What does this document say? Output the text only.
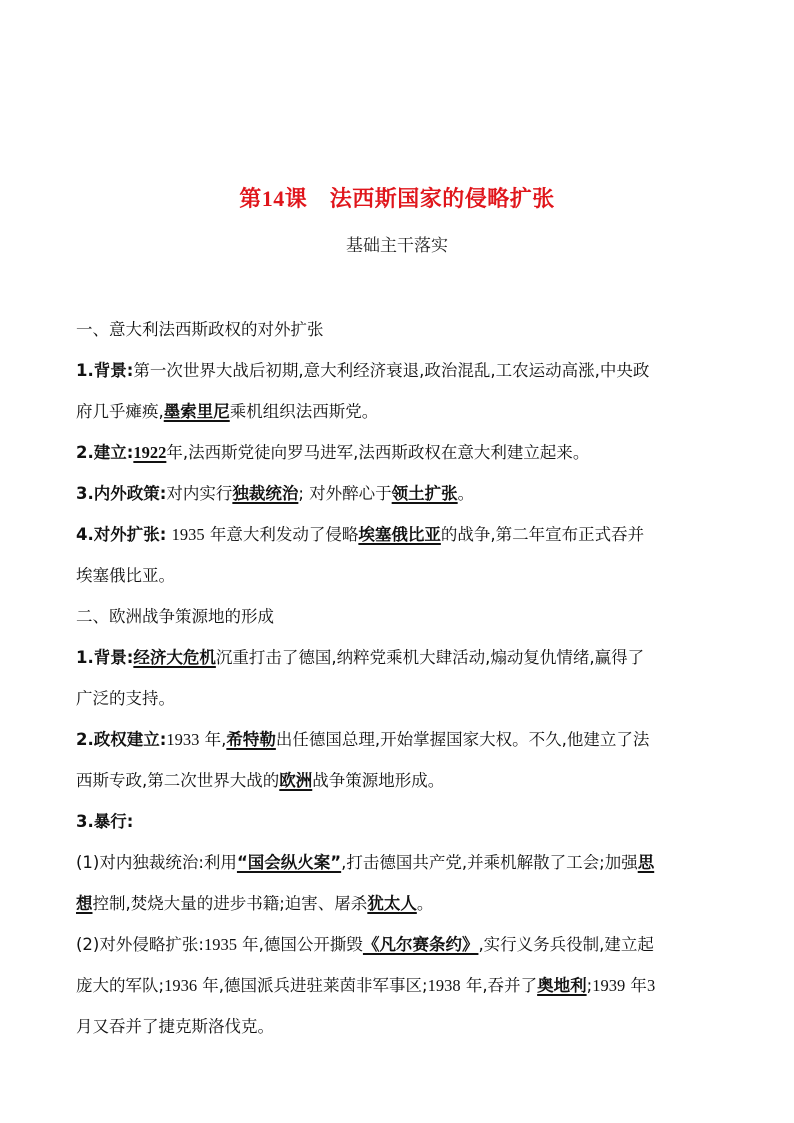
第14课　 法西斯国家的侵略扩张
基础主干落实
一、意大利法西斯政权的对外扩张
1.背景:第一次世界大战后初期,意大利经济衰退,政治混乱,工农运动高涨,中央政
府几乎瘫痪,墨索里尼乘机组织法西斯党。
2.建立:1922年,法西斯党徒向罗马进军,法西斯政权在意大利建立起来。
3.内外政策:对内实行独裁统治; 对外醉心于领土扩张。
4.对外扩张: 1935 年意大利发动了侵略埃塞俄比亚的战争,第二年宣布正式吞并
埃塞俄比亚。
二、欧洲战争策源地的形成
1.背景:经济大危机沉重打击了德国,纳粹党乘机大肆活动,煽动复仇情绪,赢得了
广泛的支持。
2.政权建立:1933 年,希特勒出任德国总理,开始掌握国家大权。不久,他建立了法
西斯专政,第二次世界大战的欧洲战争策源地形成。
3.暴行:
(1)对内独裁统治:利用“国会纵火案”,打击德国共产党,并乘机解散了工会;加强思
想控制,焚烧大量的进步书籍;迫害、屠杀犹太人。
(2)对外侵略扩张:1935 年,德国公开撕毁《凡尔赛条约》,实行义务兵役制,建立起
庞大的军队;1936 年,德国派兵进驻莱茵非军事区;1938 年,吞并了奥地利;1939 年3
月又吞并了捷克斯洛伐克。
